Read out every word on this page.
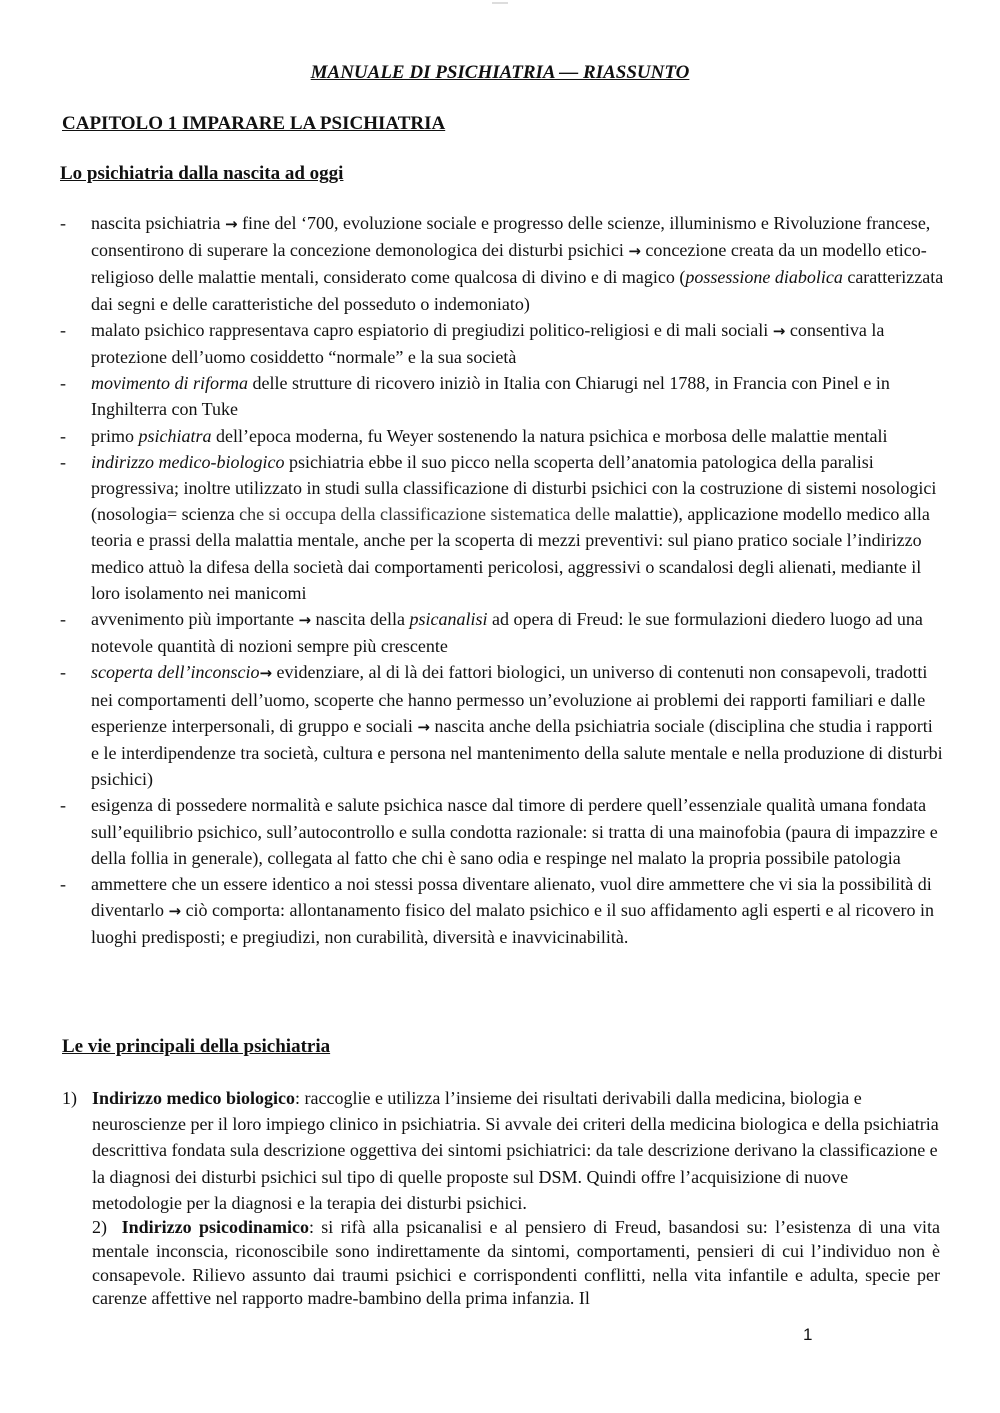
MANUALE DI PSICHIATRIA — RIASSUNTO
CAPITOLO 1 IMPARARE LA PSICHIATRIA
Lo psichiatria dalla nascita ad oggi
- nascita psichiatria → fine del ‘700, evoluzione sociale e progresso delle scienze, illuminismo e Rivoluzione francese, consentirono di superare la concezione demonologica dei disturbi psichici → concezione creata da un modello etico-religioso delle malattie mentali, considerato come qualcosa di divino e di magico (possessione diabolica caratterizzata dai segni e delle caratteristiche del posseduto o indemoniato)
- malato psichico rappresentava capro espiatorio di pregiudizi politico-religiosi e di mali sociali → consentiva la protezione dell’uomo cosiddetto “normale” e la sua società
- movimento di riforma delle strutture di ricovero iniziò in Italia con Chiarugi nel 1788, in Francia con Pinel e in Inghilterra con Tuke
- primo psichiatra dell’epoca moderna, fu Weyer sostenendo la natura psichica e morbosa delle malattie mentali
- indirizzo medico-biologico psichiatria ebbe il suo picco nella scoperta dell’anatomia patologica della paralisi progressiva; inoltre utilizzato in studi sulla classificazione di disturbi psichici con la costruzione di sistemi nosologici (nosologia= scienza che si occupa della classificazione sistematica delle malattie), applicazione modello medico alla teoria e prassi della malattia mentale, anche per la scoperta di mezzi preventivi: sul piano pratico sociale l’indirizzo medico attuò la difesa della società dai comportamenti pericolosi, aggressivi o scandalosi degli alienati, mediante il loro isolamento nei manicomi
- avvenimento più importante → nascita della psicanalisi ad opera di Freud: le sue formulazioni diedero luogo ad una notevole quantità di nozioni sempre più crescente
- scoperta dell’inconscio→ evidenziare, al di là dei fattori biologici, un universo di contenuti non consapevoli, tradotti nei comportamenti dell’uomo, scoperte che hanno permesso un’evoluzione ai problemi dei rapporti familiari e dalle esperienze interpersonali, di gruppo e sociali → nascita anche della psichiatria sociale (disciplina che studia i rapporti e le interdipendenze tra società, cultura e persona nel mantenimento della salute mentale e nella produzione di disturbi psichici)
- esigenza di possedere normalità e salute psichica nasce dal timore di perdere quell’essenziale qualità umana fondata sull’equilibrio psichico, sull’autocontrollo e sulla condotta razionale: si tratta di una mainofobia (paura di impazzire e della follia in generale), collegata al fatto che chi è sano odia e respinge nel malato la propria possibile patologia
- ammettere che un essere identico a noi stessi possa diventare alienato, vuol dire ammettere che vi sia la possibilità di diventarlo → ciò comporta: allontanamento fisico del malato psichico e il suo affidamento agli esperti e al ricovero in luoghi predisposti; e pregiudizi, non curabilità, diversità e inavvicinabilità.
Le vie principali della psichiatria
1) Indirizzo medico biologico: raccoglie e utilizza l’insieme dei risultati derivabili dalla medicina, biologia e neuroscienze per il loro impiego clinico in psichiatria. Si avvale dei criteri della medicina biologica e della psichiatria descrittiva fondata sula descrizione oggettiva dei sintomi psichiatrici: da tale descrizione derivano la classificazione e la diagnosi dei disturbi psichici sul tipo di quelle proposte sul DSM. Quindi offre l’acquisizione di nuove metodologie per la diagnosi e la terapia dei disturbi psichici.
2) Indirizzo psicodinamico: si rifà alla psicanalisi e al pensiero di Freud, basandosi su: l’esistenza di una vita mentale inconscia, riconoscibile sono indirettamente da sintomi, comportamenti, pensieri di cui l’individuo non è consapevole. Rilievo assunto dai traumi psichici e corrispondenti conflitti, nella vita infantile e adulta, specie per carenze affettive nel rapporto madre-bambino della prima infanzia. Il
1
